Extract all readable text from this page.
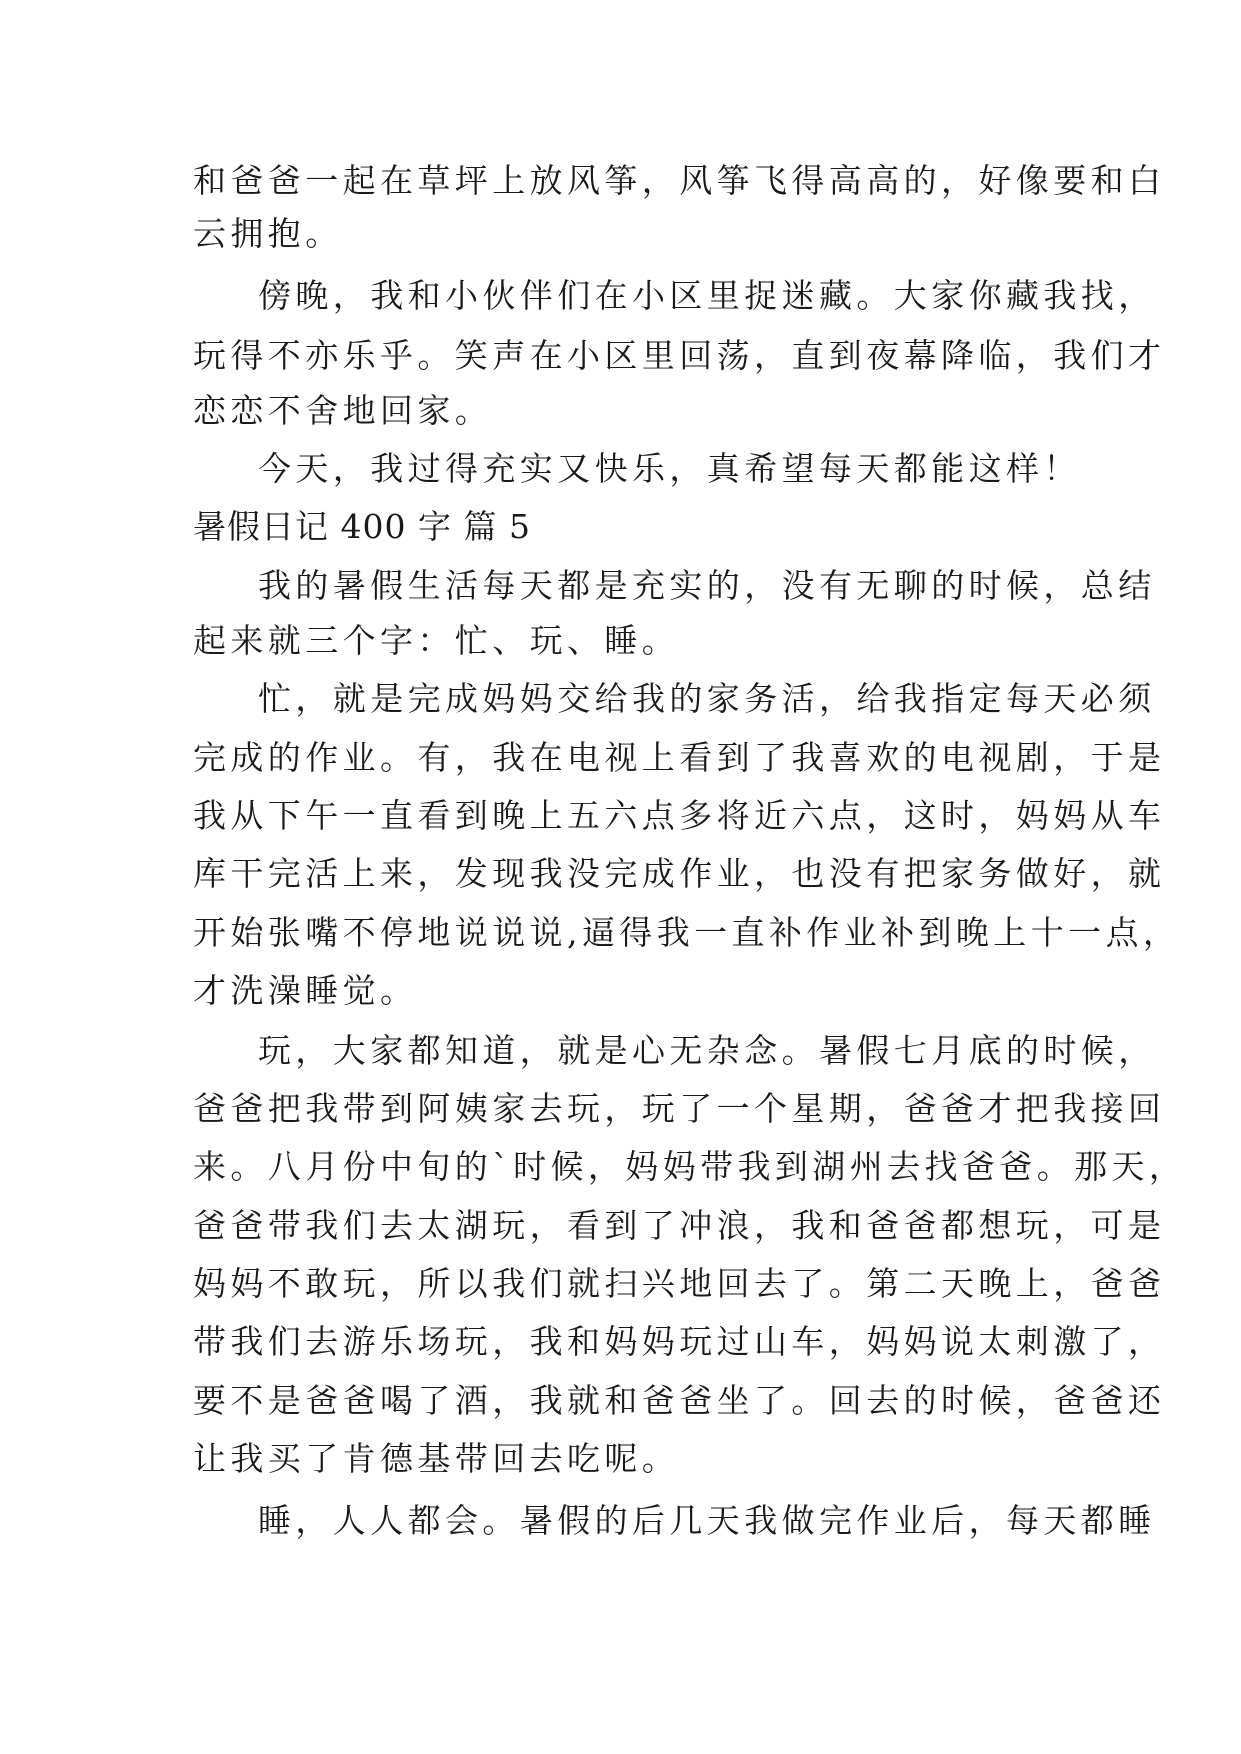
和爸爸一起在草坪上放风筝，风筝飞得高高的，好像要和白
云拥抱。
傍晚，我和小伙伴们在小区里捉迷藏。大家你藏我找，
玩得不亦乐乎。笑声在小区里回荡，直到夜幕降临，我们才
恋恋不舍地回家。
今天，我过得充实又快乐，真希望每天都能这样！
暑假日记 400 字 篇 5
我的暑假生活每天都是充实的，没有无聊的时候，总结
起来就三个字：忙、玩、睡。
忙，就是完成妈妈交给我的家务活，给我指定每天必须
完成的作业。有，我在电视上看到了我喜欢的电视剧，于是
我从下午一直看到晚上五六点多将近六点，这时，妈妈从车
库干完活上来，发现我没完成作业，也没有把家务做好，就
开始张嘴不停地说说说,逼得我一直补作业补到晚上十一点，
才洗澡睡觉。
玩，大家都知道，就是心无杂念。暑假七月底的时候，
爸爸把我带到阿姨家去玩，玩了一个星期，爸爸才把我接回
来。八月份中旬的`时候，妈妈带我到湖州去找爸爸。那天，
爸爸带我们去太湖玩，看到了冲浪，我和爸爸都想玩，可是
妈妈不敢玩，所以我们就扫兴地回去了。第二天晚上，爸爸
带我们去游乐场玩，我和妈妈玩过山车，妈妈说太刺激了，
要不是爸爸喝了酒，我就和爸爸坐了。回去的时候，爸爸还
让我买了肯德基带回去吃呢。
睡，人人都会。暑假的后几天我做完作业后，每天都睡
